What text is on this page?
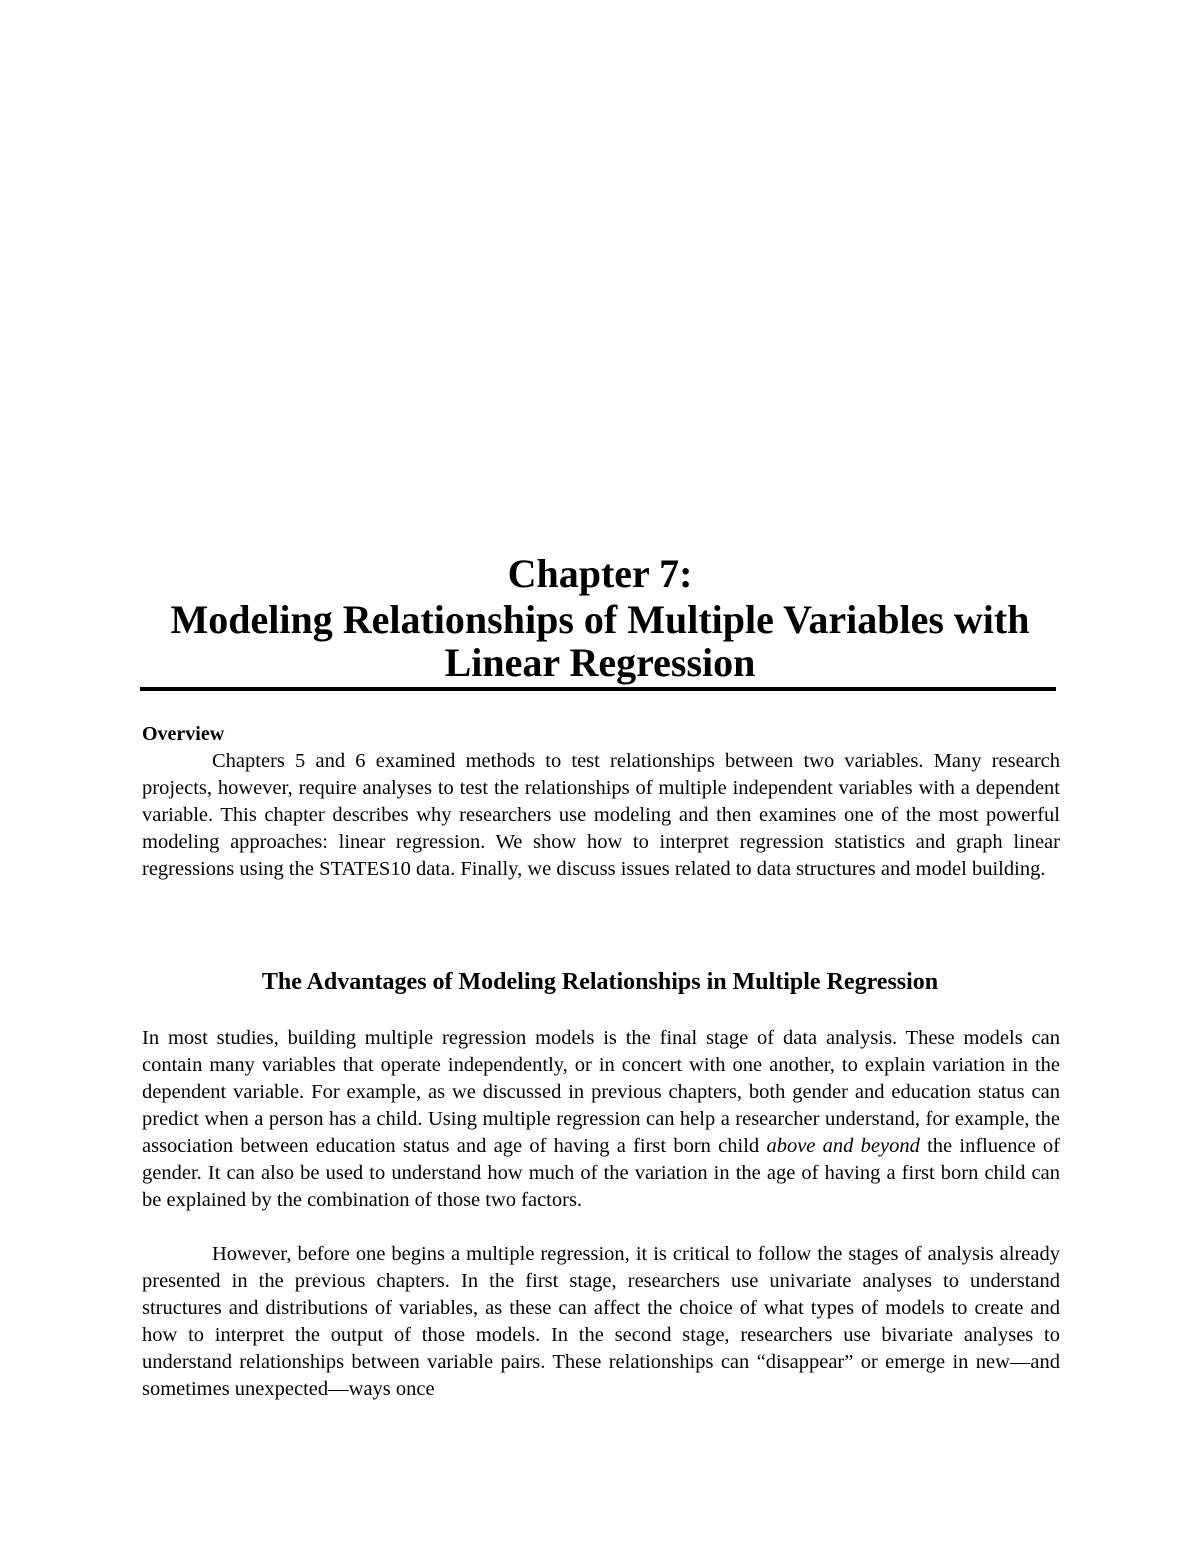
Chapter 7:
Modeling Relationships of Multiple Variables with
Linear Regression
Overview

Chapters 5 and 6 examined methods to test relationships between two variables. Many research projects, however, require analyses to test the relationships of multiple independent variables with a dependent variable. This chapter describes why researchers use modeling and then examines one of the most powerful modeling approaches: linear regression. We show how to interpret regression statistics and graph linear regressions using the STATES10 data. Finally, we discuss issues related to data structures and model building.

The Advantages of Modeling Relationships in Multiple Regression

In most studies, building multiple regression models is the final stage of data analysis. These models can contain many variables that operate independently, or in concert with one another, to explain variation in the dependent variable. For example, as we discussed in previous chapters, both gender and education status can predict when a person has a child. Using multiple regression can help a researcher understand, for example, the association between education status and age of having a first born child above and beyond the influence of gender. It can also be used to understand how much of the variation in the age of having a first born child can be explained by the combination of those two factors.

However, before one begins a multiple regression, it is critical to follow the stages of analysis already presented in the previous chapters. In the first stage, researchers use univariate analyses to understand structures and distributions of variables, as these can affect the choice of what types of models to create and how to interpret the output of those models. In the second stage, researchers use bivariate analyses to understand relationships between variable pairs. These relationships can “disappear” or emerge in new—and sometimes unexpected—ways once
